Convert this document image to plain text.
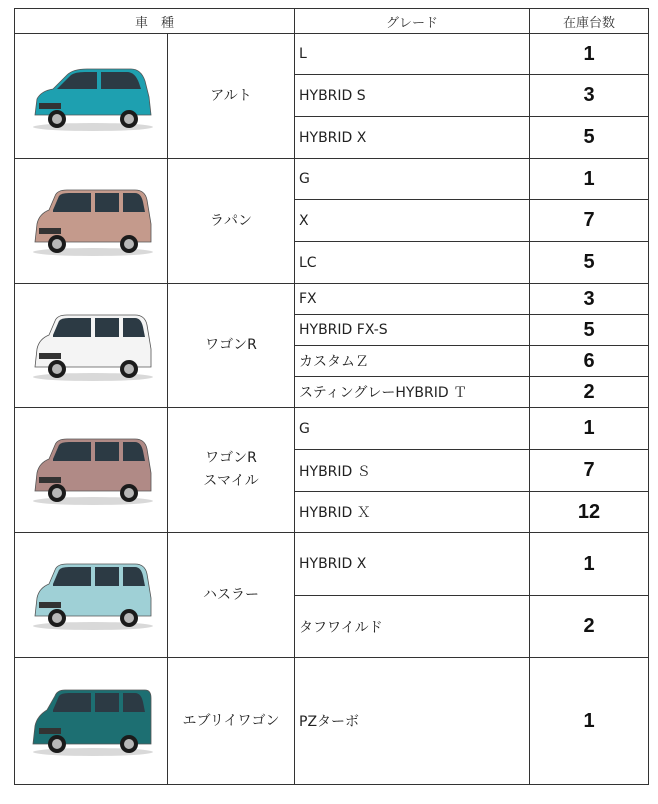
車　種		グレード	在庫台数

アルト	L	1
		HYBRID S	3
		HYBRID X	5

ラパン	G	1
		X	7
		LC	5

ワゴンR	FX	3
		HYBRID FX-S	5
		カスタムＺ	6
		スティングレーHYBRID Ｔ	2

ワゴンR
スマイル	G	1
		HYBRID Ｓ	7
		HYBRID Ｘ	12

ハスラー	HYBRID X	1
		タフワイルド	2

エブリイワゴン	PZターボ	1
